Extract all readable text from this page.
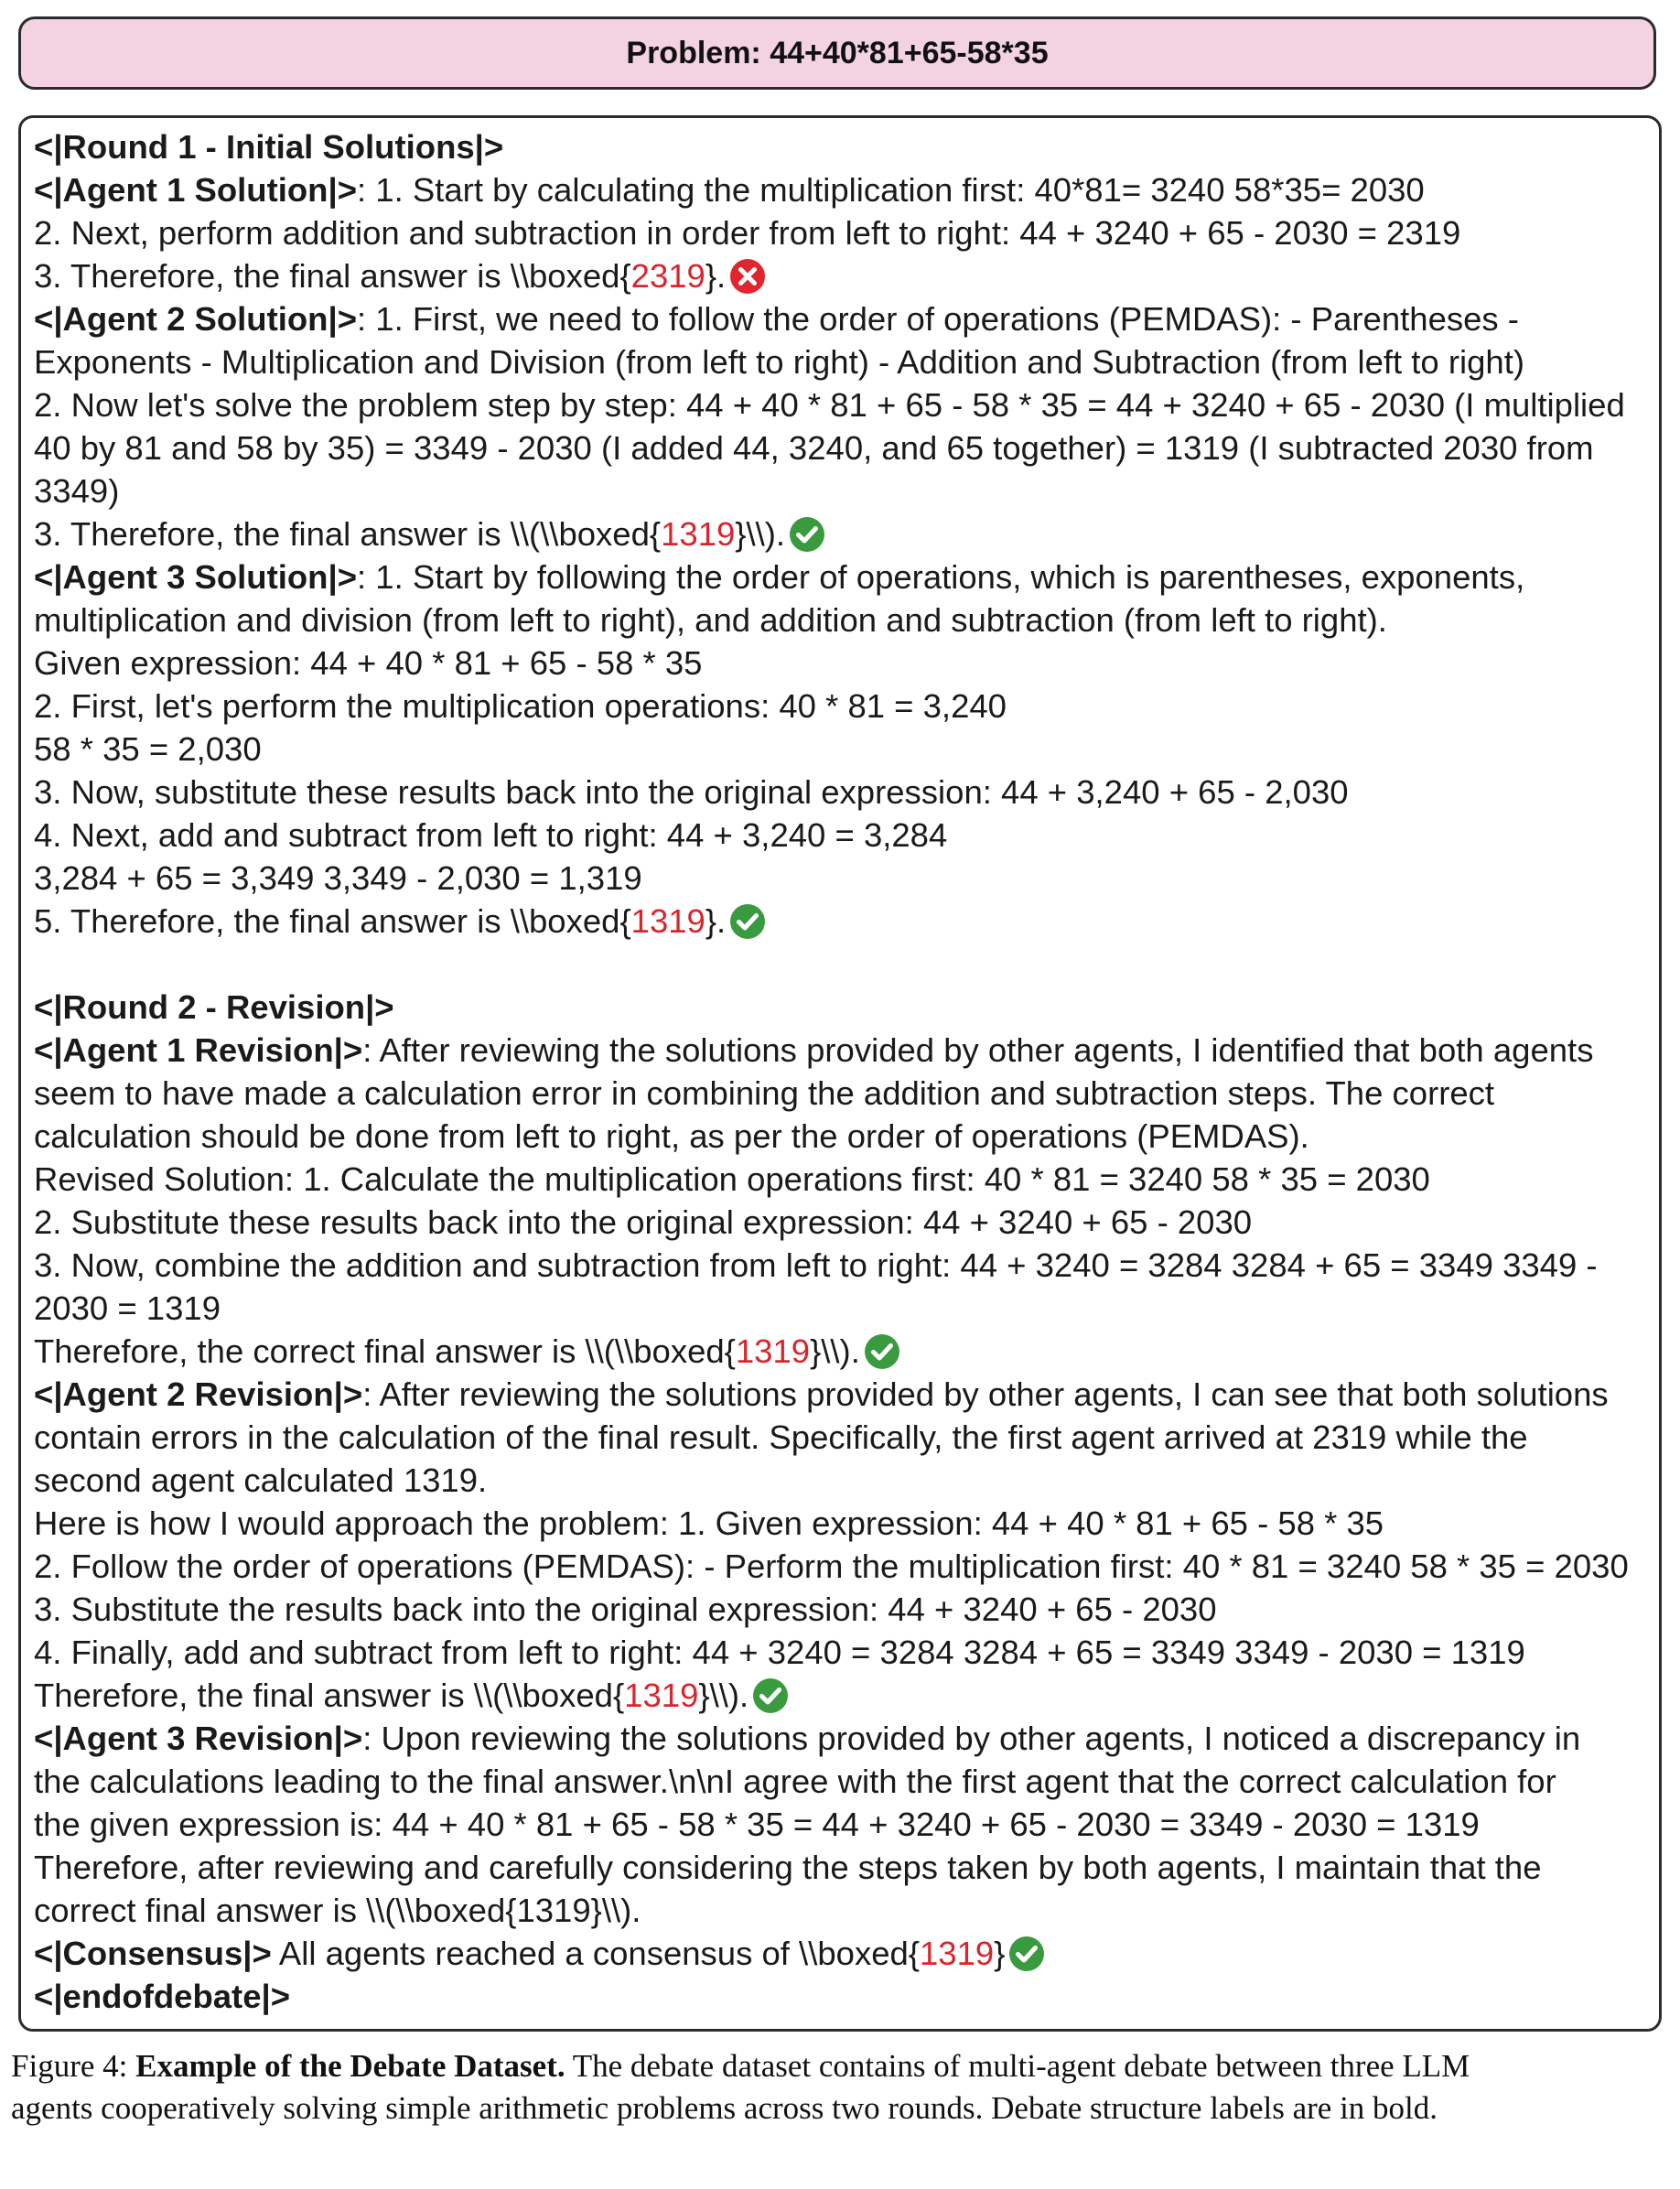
Problem: 44+40*81+65-58*35
<|Round 1 - Initial Solutions|>
<|Agent 1 Solution|>: 1. Start by calculating the multiplication first: 40*81= 3240 58*35= 2030
2. Next, perform addition and subtraction in order from left to right: 44 + 3240 + 65 - 2030 = 2319
3. Therefore, the final answer is \\boxed{2319}.
<|Agent 2 Solution|>: 1. First, we need to follow the order of operations (PEMDAS): - Parentheses -
Exponents - Multiplication and Division (from left to right) - Addition and Subtraction (from left to right)
2. Now let's solve the problem step by step: 44 + 40 * 81 + 65 - 58 * 35 = 44 + 3240 + 65 - 2030 (I multiplied
40 by 81 and 58 by 35) = 3349 - 2030 (I added 44, 3240, and 65 together) = 1319 (I subtracted 2030 from
3349)
3. Therefore, the final answer is \\(\\boxed{1319}\\).
<|Agent 3 Solution|>: 1. Start by following the order of operations, which is parentheses, exponents,
multiplication and division (from left to right), and addition and subtraction (from left to right).
Given expression: 44 + 40 * 81 + 65 - 58 * 35
2. First, let's perform the multiplication operations: 40 * 81 = 3,240
58 * 35 = 2,030
3. Now, substitute these results back into the original expression: 44 + 3,240 + 65 - 2,030
4. Next, add and subtract from left to right: 44 + 3,240 = 3,284
3,284 + 65 = 3,349 3,349 - 2,030 = 1,319
5. Therefore, the final answer is \\boxed{1319}.
<|Round 2 - Revision|>
<|Agent 1 Revision|>: After reviewing the solutions provided by other agents, I identified that both agents
seem to have made a calculation error in combining the addition and subtraction steps. The correct
calculation should be done from left to right, as per the order of operations (PEMDAS).
Revised Solution: 1. Calculate the multiplication operations first: 40 * 81 = 3240 58 * 35 = 2030
2. Substitute these results back into the original expression: 44 + 3240 + 65 - 2030
3. Now, combine the addition and subtraction from left to right: 44 + 3240 = 3284 3284 + 65 = 3349 3349 -
2030 = 1319
Therefore, the correct final answer is \\(\\boxed{1319}\\).
<|Agent 2 Revision|>: After reviewing the solutions provided by other agents, I can see that both solutions
contain errors in the calculation of the final result. Specifically, the first agent arrived at 2319 while the
second agent calculated 1319.
Here is how I would approach the problem: 1. Given expression: 44 + 40 * 81 + 65 - 58 * 35
2. Follow the order of operations (PEMDAS): - Perform the multiplication first: 40 * 81 = 3240 58 * 35 = 2030
3. Substitute the results back into the original expression: 44 + 3240 + 65 - 2030
4. Finally, add and subtract from left to right: 44 + 3240 = 3284 3284 + 65 = 3349 3349 - 2030 = 1319
Therefore, the final answer is \\(\\boxed{1319}\\).
<|Agent 3 Revision|>: Upon reviewing the solutions provided by other agents, I noticed a discrepancy in
the calculations leading to the final answer.\n\nI agree with the first agent that the correct calculation for
the given expression is: 44 + 40 * 81 + 65 - 58 * 35 = 44 + 3240 + 65 - 2030 = 3349 - 2030 = 1319
Therefore, after reviewing and carefully considering the steps taken by both agents, I maintain that the
correct final answer is \\(\\boxed{1319}\\).
<|Consensus|> All agents reached a consensus of \\boxed{1319}
<|endofdebate|>
Figure 4: Example of the Debate Dataset. The debate dataset contains of multi-agent debate between three LLM
agents cooperatively solving simple arithmetic problems across two rounds. Debate structure labels are in bold.
